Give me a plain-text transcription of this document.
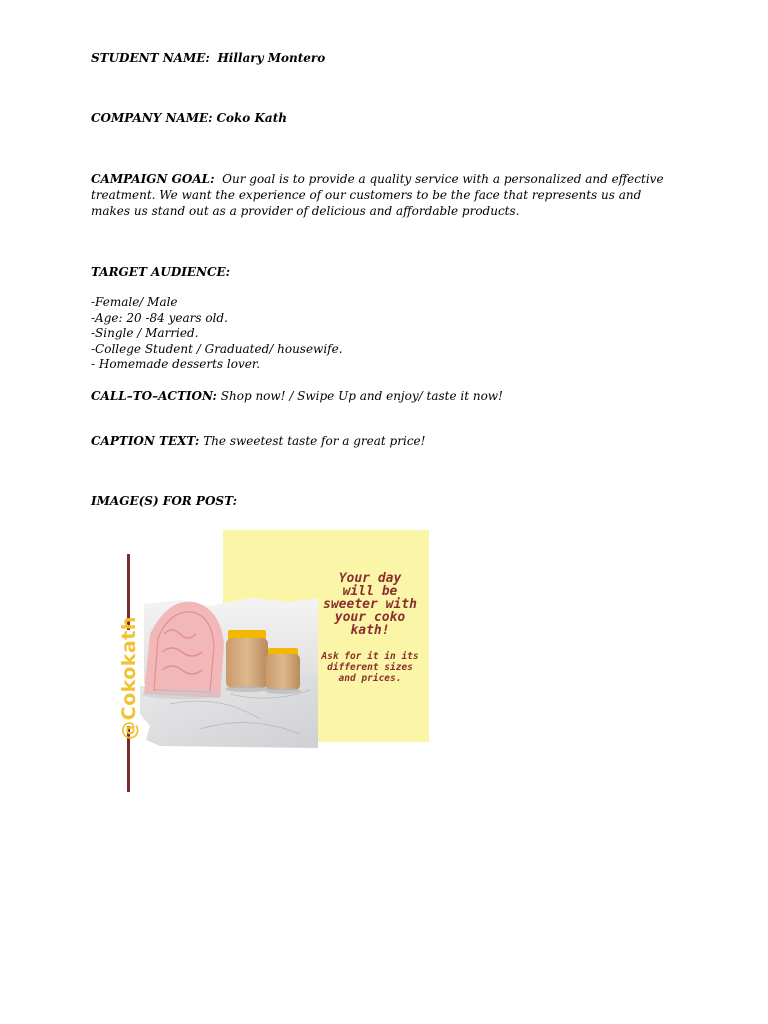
STUDENT NAME: Hillary Montero
COMPANY NAME: Coko Kath
CAMPAIGN GOAL: Our goal is to provide a quality service with a personalized and effective treatment. We want the experience of our customers to be the face that represents us and makes us stand out as a provider of delicious and affordable products.
TARGET AUDIENCE:
-Female/ Male
-Age: 20 -84 years old.
-Single / Married.
-College Student / Graduated/ housewife.
- Homemade desserts lover.
CALL–TO–ACTION: Shop now! / Swipe Up and enjoy/ taste it now!
CAPTION TEXT: The sweetest taste for a great price!
IMAGE(S) FOR POST:
@Cokokath
Your day
will be
sweeter with
your coko
kath!
Ask for it in its
different sizes
and prices.
